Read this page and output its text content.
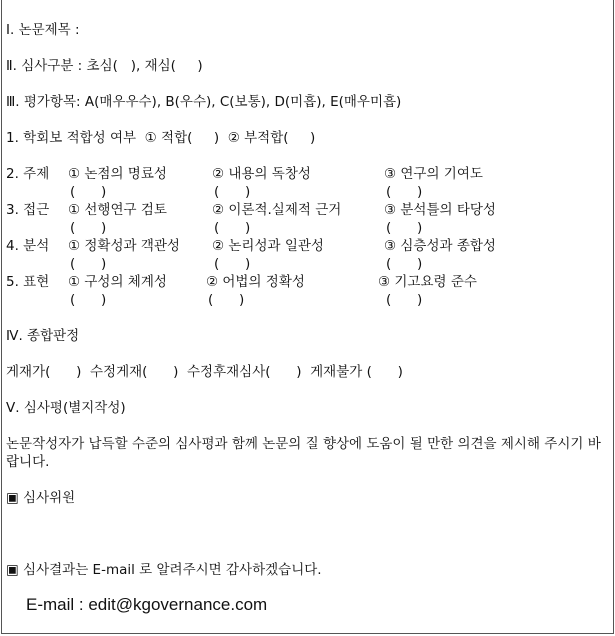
Ⅰ. 논문제목 :
Ⅱ. 심사구분 : 초심(   ), 재심(     )
Ⅲ. 평가항목: A(매우우수), B(우수), C(보통), D(미흡), E(매우미흡)
1. 학회보 적합성 여부  ① 적합(     )  ② 부적합(     )
2. 주제 ① 논점의 명료성	② 내용의 독창성	③ 연구의 기여도
(      )	(      )	(      )
3. 접근 ① 선행연구 검토	② 이론적.실제적 근거	③ 분석틀의 타당성
(      )	(      )	(      )
4. 분석 ① 정확성과 객관성 ② 논리성과 일관성	③ 심층성과 종합성
(      )	(      )	(      )
5. 표현 ① 구성의 체계성	② 어법의 정확성	③ 기고요령 준수
(      )	(      )	(      )
Ⅳ. 종합판정
게재가(      )  수정게재(      )  수정후재심사(      )  게재불가 (      )
Ⅴ. 심사평(별지작성)
논문작성자가 납득할 수준의 심사평과 함께 논문의 질 향상에 도움이 될 만한 의견을 제시해 주시기 바랍니다.
▣ 심사위원
▣ 심사결과는 E-mail 로 알려주시면 감사하겠습니다.
E-mail : edit@kgovernance.com
